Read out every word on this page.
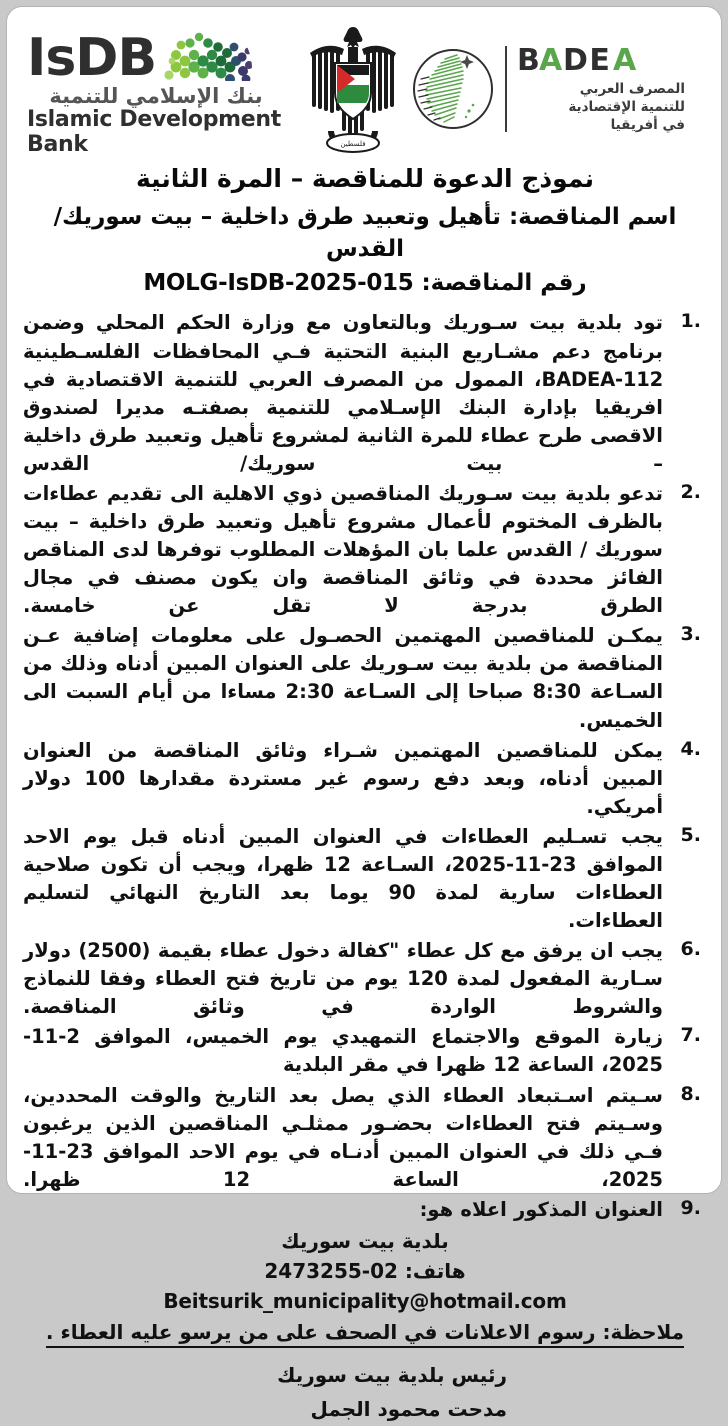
IsDB
بنك الإسلامي للتنمية
Islamic Development Bank	فلسطين
B
A DE A
المصرف العربي
للتنمية الإقتصادية
في أفريقيا
نموذج الدعوة للمناقصة – المرة الثانية
اسم المناقصة: تأهيل وتعبيد طرق داخلية – بيت سوريك/القدس
رقم المناقصة: MOLG-IsDB-2025-015
تود بلدية بيت سـوريك وبالتعاون مع وزارة الحكم المحلي وضمن برنامج دعم مشـاريع البنية التحتية فـي المحافظات الفلسـطينية BADEA-112، الممول من المصرف العربي للتنمية الاقتصادية في افريقيا بإدارة البنك الإسـلامي للتنمية بصفتـه مديرا لصندوق الاقصى طرح عطاء للمرة الثانية لمشروع تأهيل وتعبيد طرق داخلية – بيت سوريك/ القدس
تدعو بلدية بيت سـوريك المناقصين ذوي الاهلية الى تقديم عطاءات بالظرف المختوم لأعمال مشروع تأهيل وتعبيد طرق داخلية – بيت سوريك / القدس علما بان المؤهلات المطلوب توفرها لدى المناقص الفائز محددة في وثائق المناقصة وان يكون مصنف في مجال الطرق بدرجة لا تقل عن خامسة.
يمكـن للمناقصين المهتمين الحصـول على معلومات إضافية عـن المناقصة من بلدية بيت سـوريك على العنوان المبين أدناه وذلك من السـاعة 8:30 صباحا إلى السـاعة 2:30 مساءا من أيام السبت الى الخميس.
يمكن للمناقصين المهتمين شـراء وثائق المناقصة من العنوان المبين أدناه، وبعد دفع رسوم غير مستردة مقدارها 100 دولار أمريكي.
يجب تسـليم العطاءات في العنوان المبين أدناه قبل يوم الاحد الموافق 23-11-2025، السـاعة 12 ظهرا، ويجب أن تكون صلاحية العطاءات سارية لمدة 90 يوما بعد التاريخ النهائي لتسليم العطاءات.
يجب ان يرفق مع كل عطاء "كفالة دخول عطاء بقيمة (2500) دولار سـارية المفعول لمدة 120 يوم من تاريخ فتح العطاء وفقا للنماذج والشروط الواردة في وثائق المناقصة.
زيارة الموقع والاجتماع التمهيدي يوم الخميس، الموافق 2-11-2025، الساعة 12 ظهرا في مقر البلدية
سـيتم اسـتبعاد العطاء الذي يصل بعد التاريخ والوقت المحددين، وسـيتم فتح العطاءات بحضـور ممثلـي المناقصين الذين يرغبون فـي ذلك في العنوان المبين أدنـاه في يوم الاحد الموافق 23-11-2025، الساعة 12 ظهرا.
العنوان المذكور اعلاه هو:
بلدية بيت سوريك
هاتف: 02-2473255
Beitsurik_municipality@hotmail.com
ملاحظة: رسوم الاعلانات في الصحف على من يرسو عليه العطاء .
رئيس بلدية بيت سوريك
مدحت محمود الجمل
